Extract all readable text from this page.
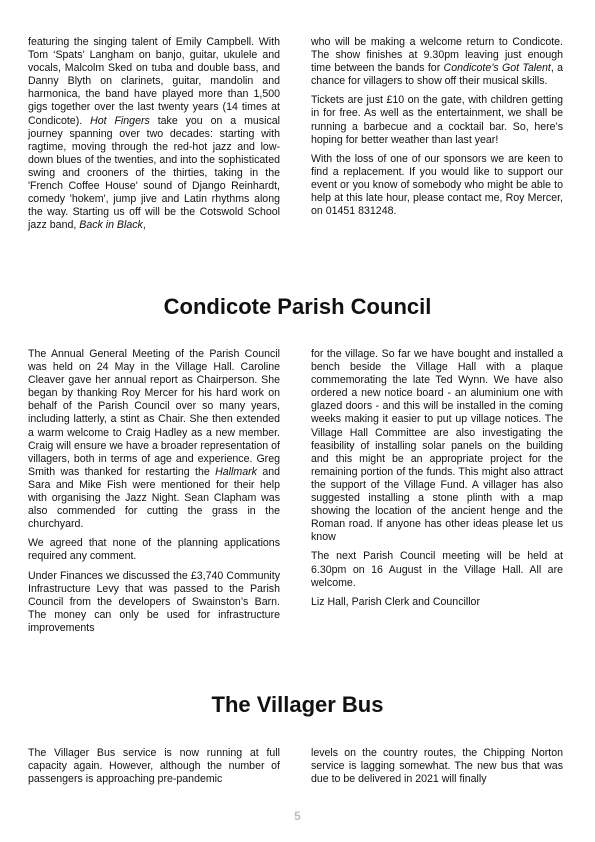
featuring the singing talent of Emily Campbell. With Tom ‘Spats’ Langham on banjo, guitar, ukulele and vocals, Malcolm Sked on tuba and double bass, and Danny Blyth on clarinets, guitar, mandolin and harmonica, the band have played more than 1,500 gigs together over the last twenty years (14 times at Condicote). Hot Fingers take you on a musical journey spanning over two decades: starting with ragtime, moving through the red-hot jazz and low-down blues of the twenties, and into the sophisticated swing and crooners of the thirties, taking in the 'French Coffee House' sound of Django Reinhardt, comedy 'hokem', jump jive and Latin rhythms along the way. Starting us off will be the Cotswold School jazz band, Back in Black,

who will be making a welcome return to Condicote. The show finishes at 9.30pm leaving just enough time between the bands for Condicote’s Got Talent, a chance for villagers to show off their musical skills.

Tickets are just £10 on the gate, with children getting in for free. As well as the entertainment, we shall be running a barbecue and a cocktail bar. So, here’s hoping for better weather than last year!

With the loss of one of our sponsors we are keen to find a replacement. If you would like to support our event or you know of somebody who might be able to help at this late hour, please contact me, Roy Mercer, on 01451 831248.

Condicote Parish Council

The Annual General Meeting of the Parish Council was held on 24 May in the Village Hall. Caroline Cleaver gave her annual report as Chairperson. She began by thanking Roy Mercer for his hard work on behalf of the Parish Council over so many years, including latterly, a stint as Chair. She then extended a warm welcome to Craig Hadley as a new member. Craig will ensure we have a broader representation of villagers, both in terms of age and experience. Greg Smith was thanked for restarting the Hallmark and Sara and Mike Fish were mentioned for their help with organising the Jazz Night. Sean Clapham was also commended for cutting the grass in the churchyard.

We agreed that none of the planning applications required any comment.

Under Finances we discussed the £3,740 Community Infrastructure Levy that was passed to the Parish Council from the developers of Swainston’s Barn. The money can only be used for infrastructure improvements

for the village. So far we have bought and installed a bench beside the Village Hall with a plaque commemorating the late Ted Wynn. We have also ordered a new notice board - an aluminium one with glazed doors - and this will be installed in the coming weeks making it easier to put up village notices. The Village Hall Committee are also investigating the feasibility of installing solar panels on the building and this might be an appropriate project for the remaining portion of the funds. This might also attract the support of the Village Fund. A villager has also suggested installing a stone plinth with a map showing the location of the ancient henge and the Roman road. If anyone has other ideas please let us know

The next Parish Council meeting will be held at 6.30pm on 16 August in the Village Hall. All are welcome.

Liz Hall, Parish Clerk and Councillor

The Villager Bus

The Villager Bus service is now running at full capacity again. However, although the number of passengers is approaching pre-pandemic

levels on the country routes, the Chipping Norton service is lagging somewhat. The new bus that was due to be delivered in 2021 will finally

5
